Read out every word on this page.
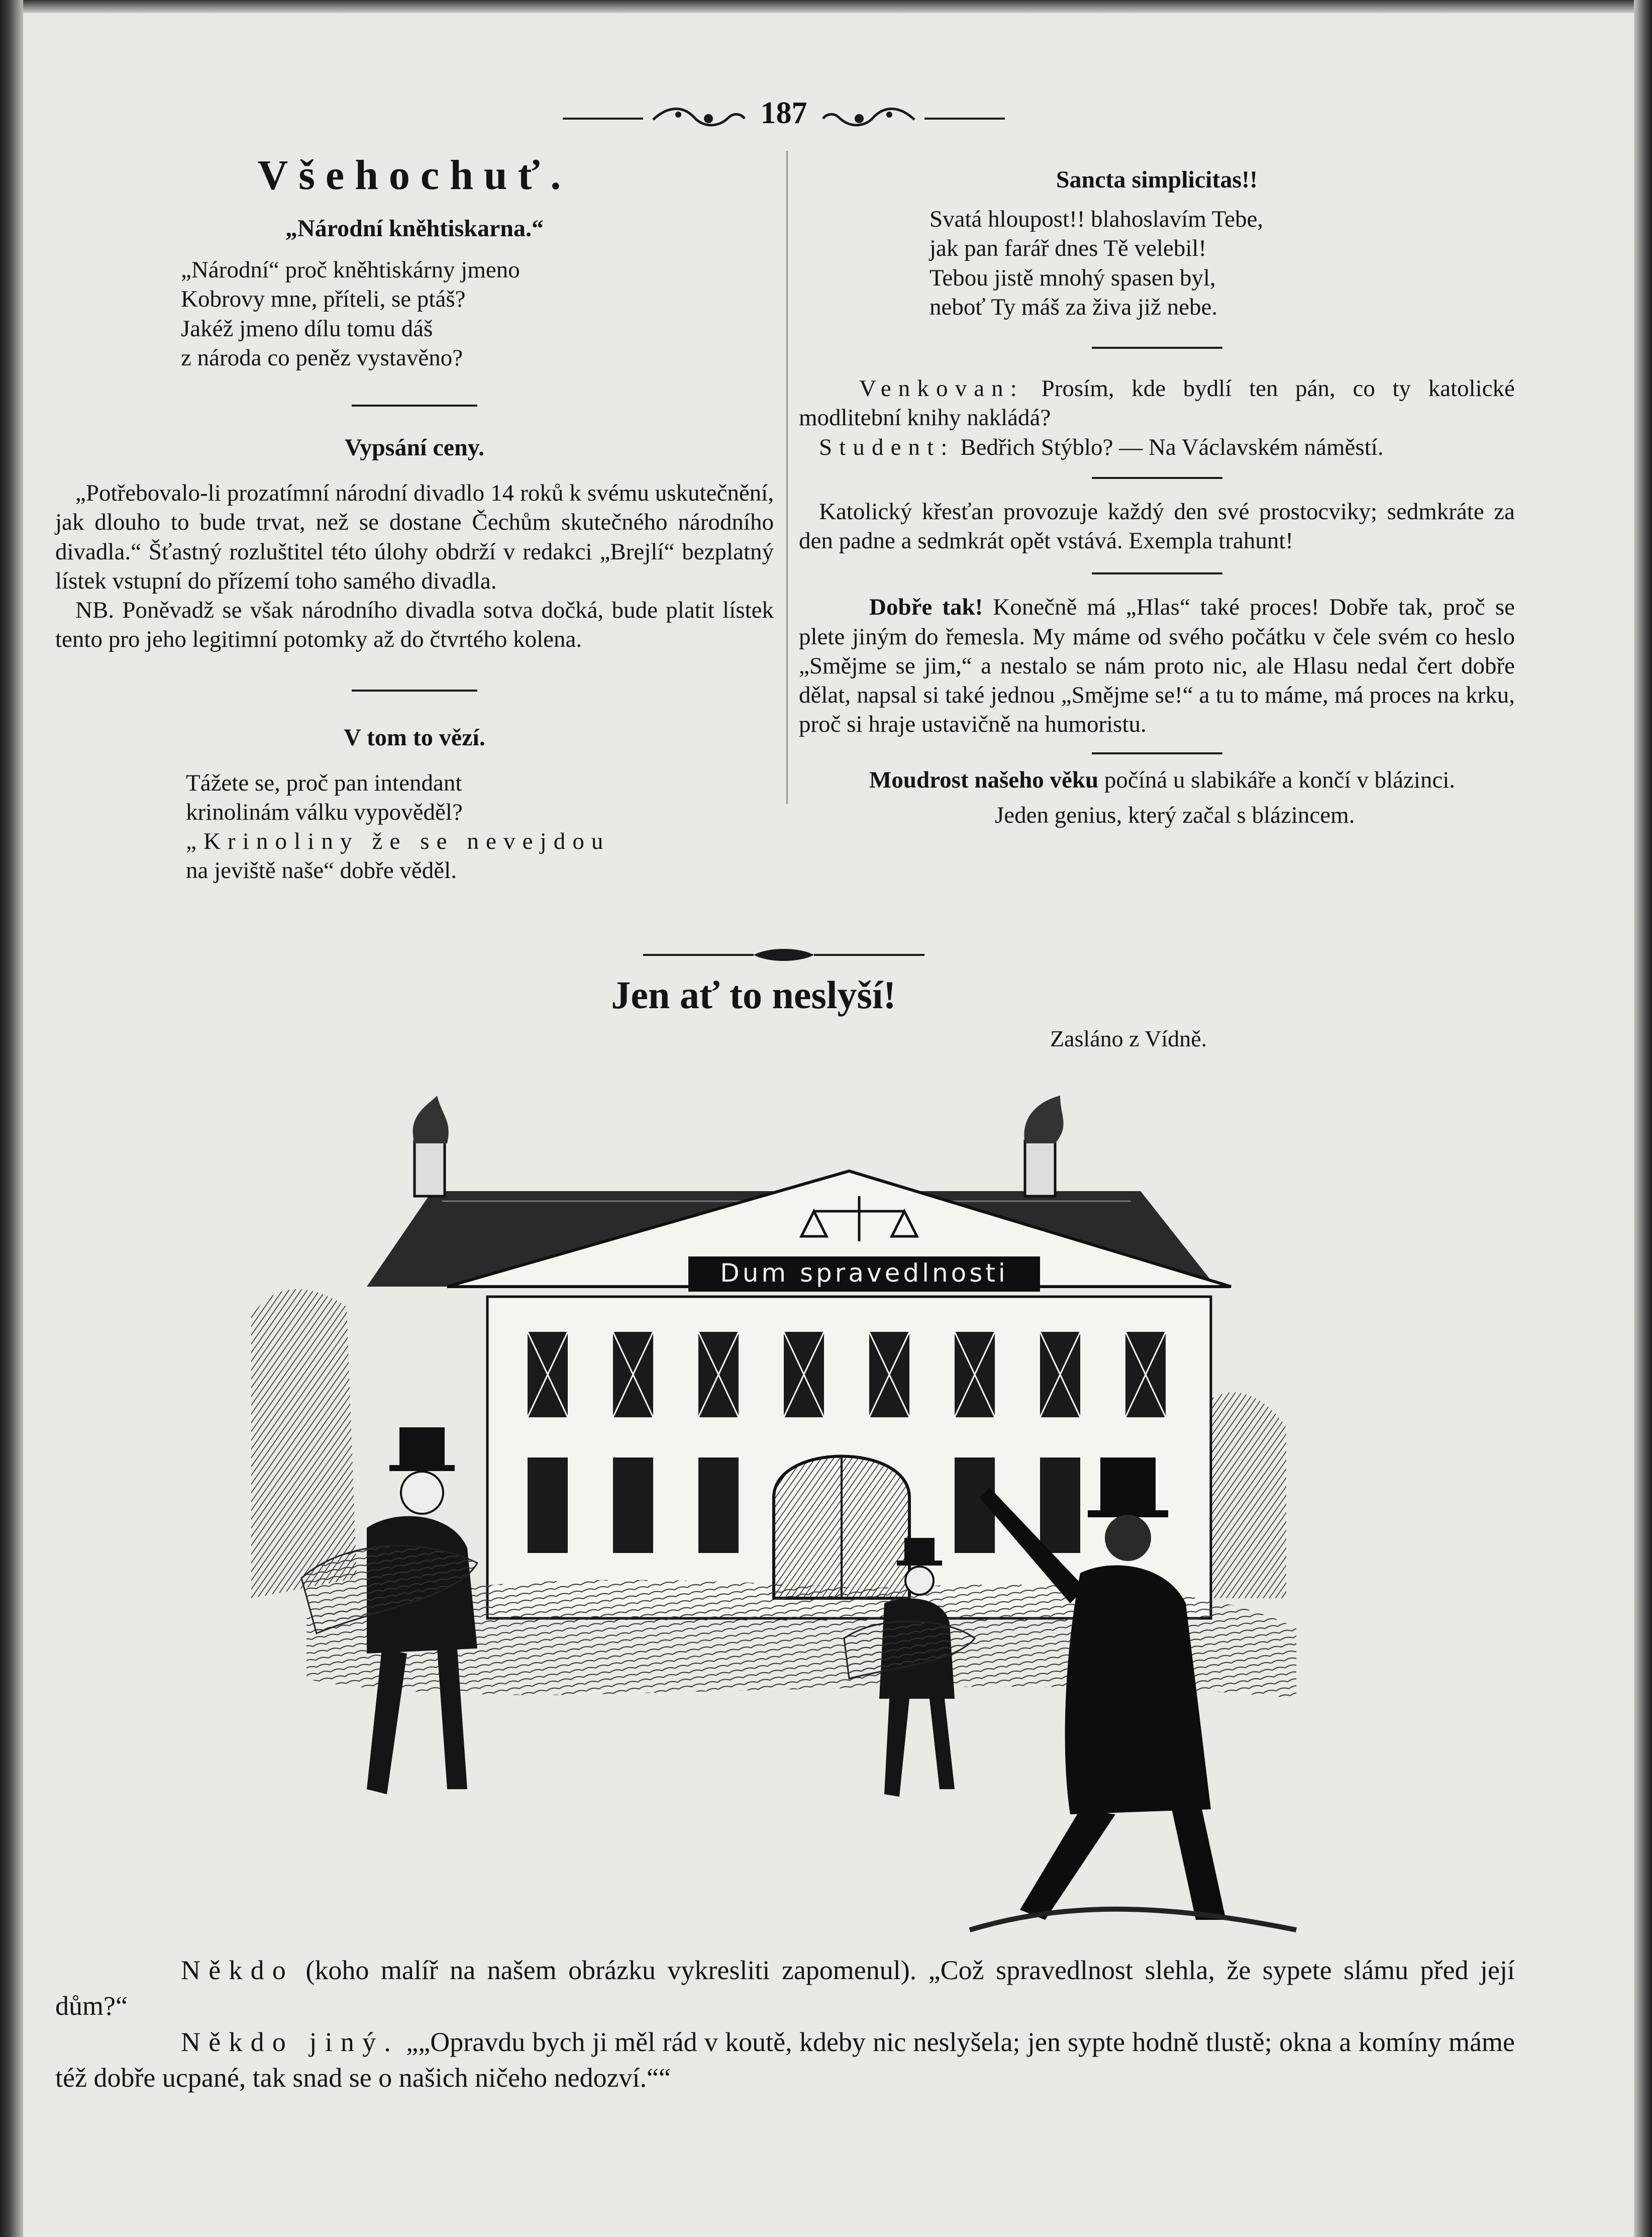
187
Všehochuť.
„Národní kněhtiskarna.“

„Národní“ proč kněhtiskárny jmeno

Kobrovy mne, příteli, se ptáš?

Jakéž jmeno dílu tomu dáš

z národa co peněz vystavěno?

Vypsání ceny.

„Potřebovalo-li prozatímní národní divadlo 14 roků k svému uskutečnění, jak dlouho to bude trvat, než se dostane Čechům skutečného národního divadla.“ Šťastný rozluštitel této úlohy obdrží v redakci „Brejlí“ bezplatný lístek vstupní do přízemí toho samého divadla.

NB. Poněvadž se však národního divadla sotva dočká, bude platit lístek tento pro jeho legitimní potomky až do čtvrtého kolena.

V tom to vězí.

Tážete se, proč pan intendant

krinolinám válku vypověděl?

„Krinoliny že se nevejdou

na jeviště naše“ dobře věděl.

Sancta simplicitas!!

Svatá hloupost!! blahoslavím Tebe,

jak pan farář dnes Tě velebil!

Tebou jistě mnohý spasen byl,

neboť Ty máš za živa již nebe.

Venkovan: Prosím, kde bydlí ten pán, co ty katolické modlitební knihy nakládá?

Student: Bedřich Stýblo? — Na Václavském náměstí.

Katolický křesťan provozuje každý den své prostocviky; sedmkráte za den padne a sedmkrát opět vstává. Exempla trahunt!

Dobře tak! Konečně má „Hlas“ také proces! Dobře tak, proč se plete jiným do řemesla. My máme od svého počátku v čele svém co heslo „Smějme se jim,“ a nestalo se nám proto nic, ale Hlasu nedal čert dobře dělat, napsal si také jednou „Smějme se!“ a tu to máme, má proces na krku, proč si hraje ustavičně na humoristu.

Moudrost našeho věku počíná u slabikáře a končí v blázinci.

Jeden genius, který začal s blázincem.

Jen ať to neslyší!
Zasláno z Vídně.
Dum spravedlnosti

Někdo (koho malíř na našem obrázku vykresliti zapomenul). „Což spravedlnost slehla, že sypete slámu před její dům?“

Někdo jiný. „„Opravdu bych ji měl rád v koutě, kdeby nic neslyšela; jen sypte hodně tlustě; okna a komíny máme též dobře ucpané, tak snad se o našich ničeho nedozví.““
